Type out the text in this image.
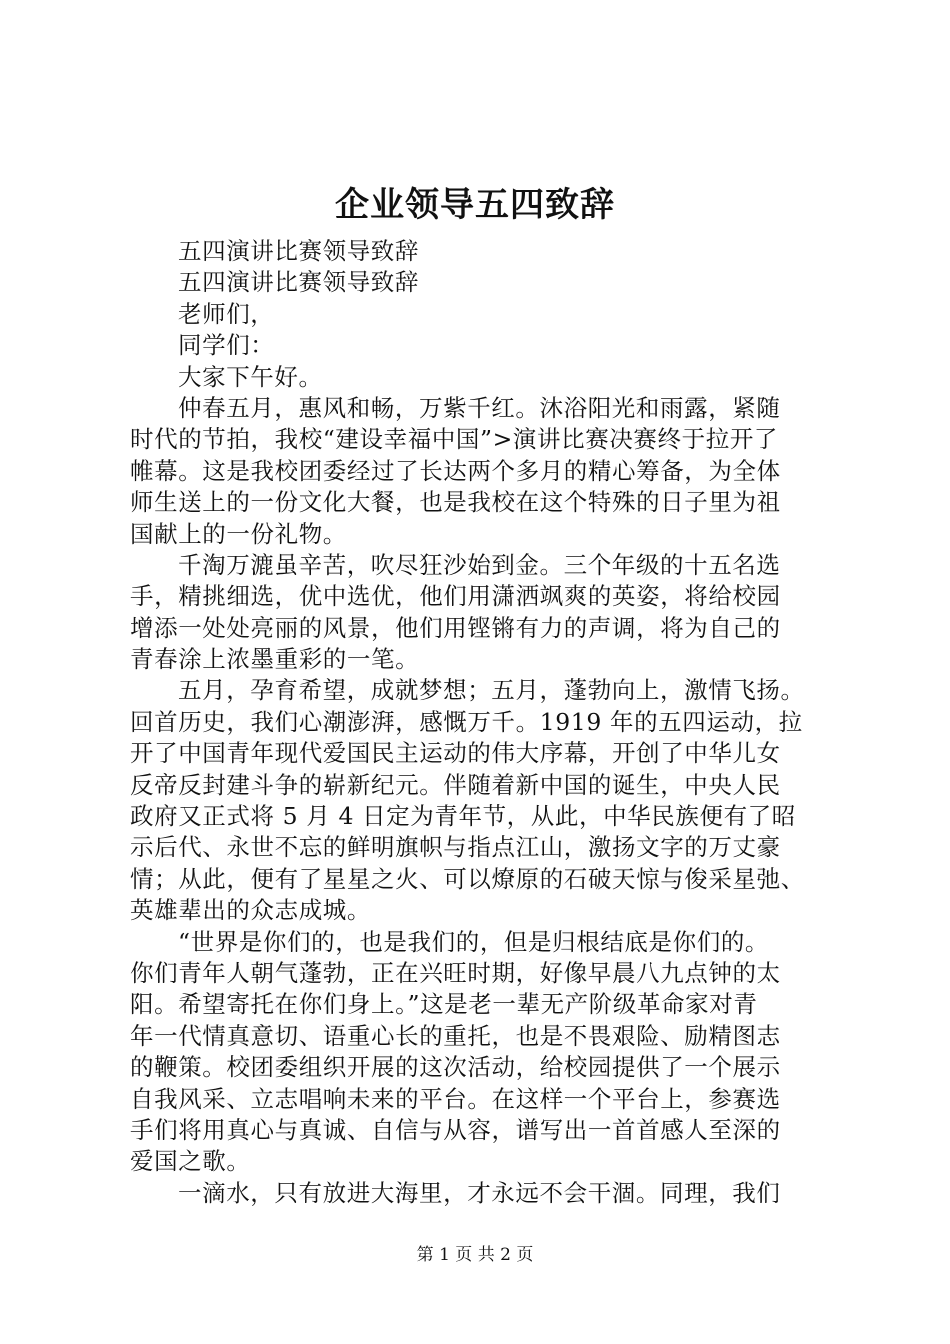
企业领导五四致辞
五四演讲比赛领导致辞
五四演讲比赛领导致辞
老师们，
同学们：
大家下午好。
仲春五月，惠风和畅，万紫千红。沐浴阳光和雨露，紧随
时代的节拍，我校“建设幸福中国”>演讲比赛决赛终于拉开了
帷幕。这是我校团委经过了长达两个多月的精心筹备，为全体
师生送上的一份文化大餐，也是我校在这个特殊的日子里为祖
国献上的一份礼物。
千淘万漉虽辛苦，吹尽狂沙始到金。三个年级的十五名选
手，精挑细选，优中选优，他们用潇洒飒爽的英姿，将给校园
增添一处处亮丽的风景，他们用铿锵有力的声调，将为自己的
青春涂上浓墨重彩的一笔。
五月，孕育希望，成就梦想；五月，蓬勃向上，激情飞扬。
回首历史，我们心潮澎湃，感慨万千。1919 年的五四运动，拉
开了中国青年现代爱国民主运动的伟大序幕，开创了中华儿女
反帝反封建斗争的崭新纪元。伴随着新中国的诞生，中央人民
政府又正式将 5 月 4 日定为青年节，从此，中华民族便有了昭
示后代、永世不忘的鲜明旗帜与指点江山，激扬文字的万丈豪
情；从此，便有了星星之火、可以燎原的石破天惊与俊采星弛、
英雄辈出的众志成城。
“世界是你们的，也是我们的，但是归根结底是你们的。
你们青年人朝气蓬勃，正在兴旺时期，好像早晨八九点钟的太
阳。希望寄托在你们身上。”这是老一辈无产阶级革命家对青
年一代情真意切、语重心长的重托，也是不畏艰险、励精图志
的鞭策。校团委组织开展的这次活动，给校园提供了一个展示
自我风采、立志唱响未来的平台。在这样一个平台上，参赛选
手们将用真心与真诚、自信与从容，谱写出一首首感人至深的
爱国之歌。
一滴水，只有放进大海里，才永远不会干涸。同理，我们
第 1 页 共 2 页
